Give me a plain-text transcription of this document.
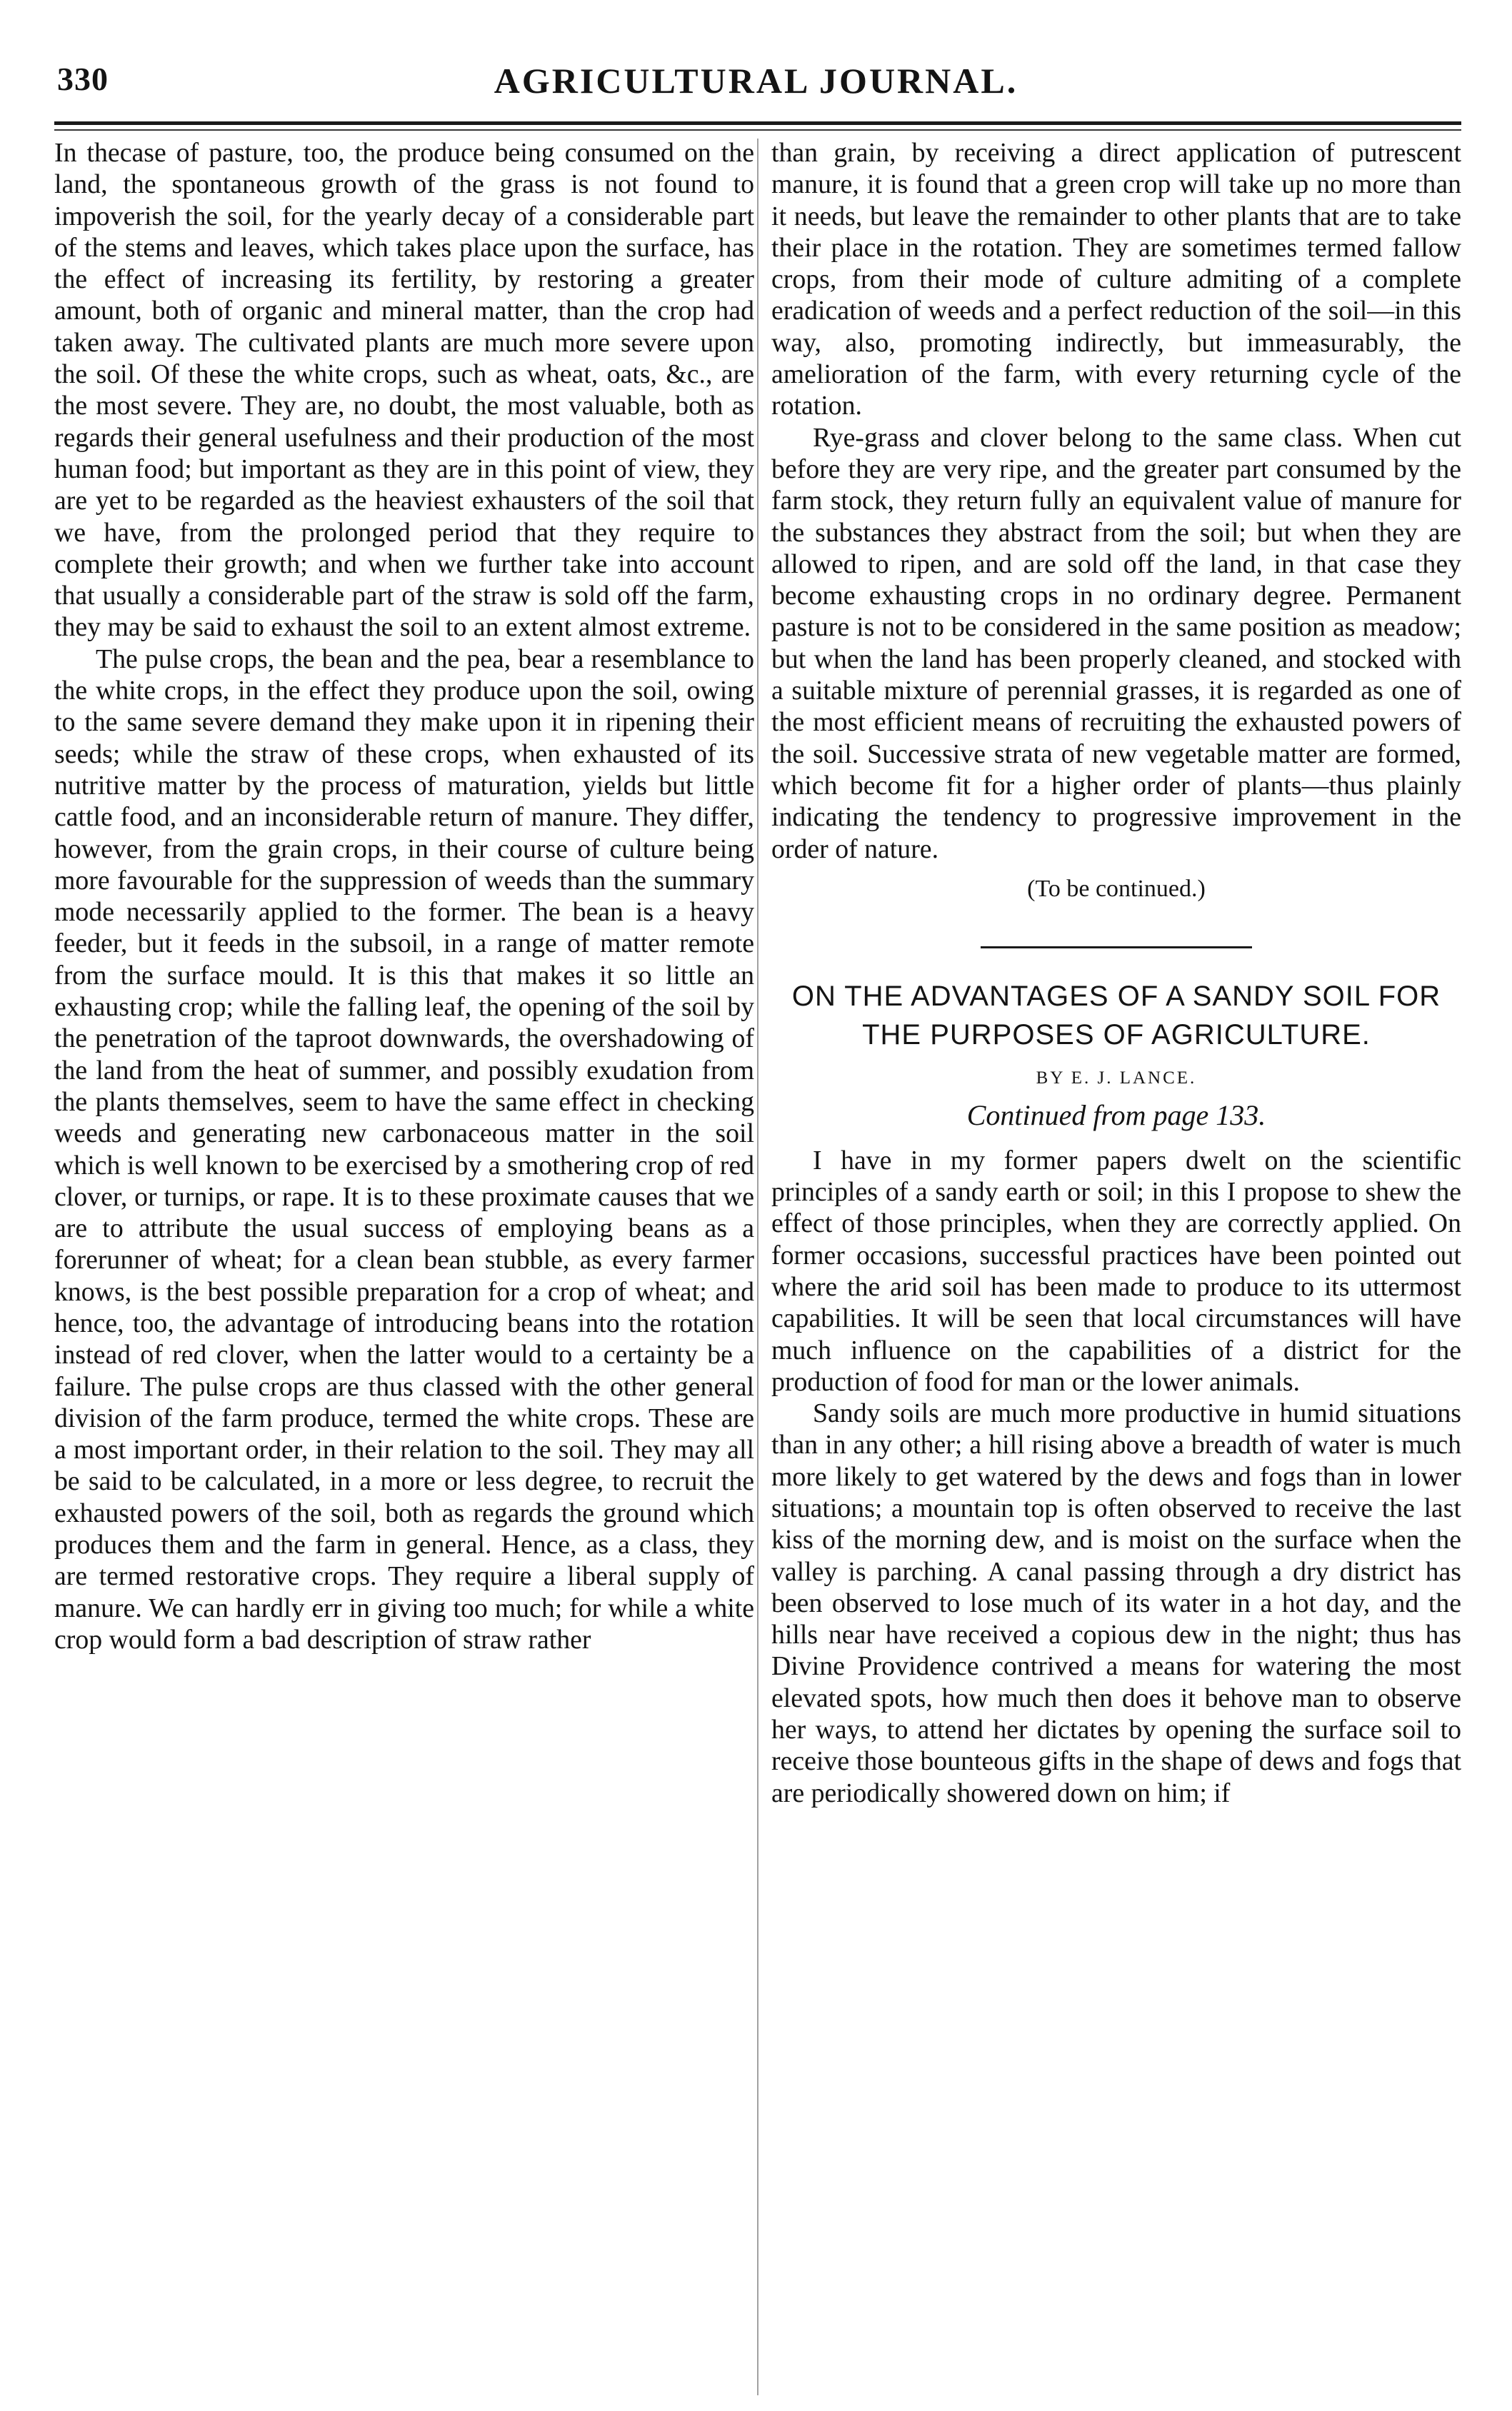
330	AGRICULTURAL JOURNAL.

In thecase of pasture, too, the produce being consumed on the land, the spontaneous growth of the grass is not found to impoverish the soil, for the yearly decay of a considerable part of the stems and leaves, which takes place upon the surface, has the effect of increasing its fertility, by restoring a greater amount, both of organic and mineral matter, than the crop had taken away. The cultivated plants are much more severe upon the soil. Of these the white crops, such as wheat, oats, &c., are the most severe. They are, no doubt, the most valuable, both as regards their general usefulness and their production of the most human food; but important as they are in this point of view, they are yet to be regarded as the heaviest exhausters of the soil that we have, from the prolonged period that they require to complete their growth; and when we further take into account that usually a considerable part of the straw is sold off the farm, they may be said to exhaust the soil to an extent almost extreme.

The pulse crops, the bean and the pea, bear a resemblance to the white crops, in the effect they produce upon the soil, owing to the same severe demand they make upon it in ripening their seeds; while the straw of these crops, when exhausted of its nutritive matter by the process of maturation, yields but little cattle food, and an inconsiderable return of manure. They differ, however, from the grain crops, in their course of culture being more favourable for the suppression of weeds than the summary mode necessarily applied to the former. The bean is a heavy feeder, but it feeds in the subsoil, in a range of matter remote from the surface mould. It is this that makes it so little an exhausting crop; while the falling leaf, the opening of the soil by the penetration of the taproot downwards, the overshadowing of the land from the heat of summer, and possibly exudation from the plants themselves, seem to have the same effect in checking weeds and generating new carbonaceous matter in the soil which is well known to be exercised by a smothering crop of red clover, or turnips, or rape. It is to these proximate causes that we are to attribute the usual success of employing beans as a forerunner of wheat; for a clean bean stubble, as every farmer knows, is the best possible preparation for a crop of wheat; and hence, too, the advantage of introducing beans into the rotation instead of red clover, when the latter would to a certainty be a failure. The pulse crops are thus classed with the other general division of the farm produce, termed the white crops. These are a most important order, in their relation to the soil. They may all be said to be calculated, in a more or less degree, to recruit the exhausted powers of the soil, both as regards the ground which produces them and the farm in general. Hence, as a class, they are termed restorative crops. They require a liberal supply of manure. We can hardly err in giving too much; for while a white crop would form a bad description of straw rather

than grain, by receiving a direct application of putrescent manure, it is found that a green crop will take up no more than it needs, but leave the remainder to other plants that are to take their place in the rotation. They are sometimes termed fallow crops, from their mode of culture admiting of a complete eradication of weeds and a perfect reduction of the soil—in this way, also, promoting indirectly, but immeasurably, the amelioration of the farm, with every returning cycle of the rotation.

Rye-grass and clover belong to the same class. When cut before they are very ripe, and the greater part consumed by the farm stock, they return fully an equivalent value of manure for the substances they abstract from the soil; but when they are allowed to ripen, and are sold off the land, in that case they become exhausting crops in no ordinary degree. Permanent pasture is not to be considered in the same position as meadow; but when the land has been properly cleaned, and stocked with a suitable mixture of perennial grasses, it is regarded as one of the most efficient means of recruiting the exhausted powers of the soil. Successive strata of new vegetable matter are formed, which become fit for a higher order of plants—thus plainly indicating the tendency to progressive improvement in the order of nature.

(To be continued.)

ON THE ADVANTAGES OF A SANDY SOIL FOR THE PURPOSES OF AGRICULTURE.
BY E. J. LANCE.
Continued from page 133.

I have in my former papers dwelt on the scientific principles of a sandy earth or soil; in this I propose to shew the effect of those principles, when they are correctly applied. On former occasions, successful practices have been pointed out where the arid soil has been made to produce to its uttermost capabilities. It will be seen that local circumstances will have much influence on the capabilities of a district for the production of food for man or the lower animals.

Sandy soils are much more productive in humid situations than in any other; a hill rising above a breadth of water is much more likely to get watered by the dews and fogs than in lower situations; a mountain top is often observed to receive the last kiss of the morning dew, and is moist on the surface when the valley is parching. A canal passing through a dry district has been observed to lose much of its water in a hot day, and the hills near have received a copious dew in the night; thus has Divine Providence contrived a means for watering the most elevated spots, how much then does it behove man to observe her ways, to attend her dictates by opening the surface soil to receive those bounteous gifts in the shape of dews and fogs that are periodically showered down on him; if
